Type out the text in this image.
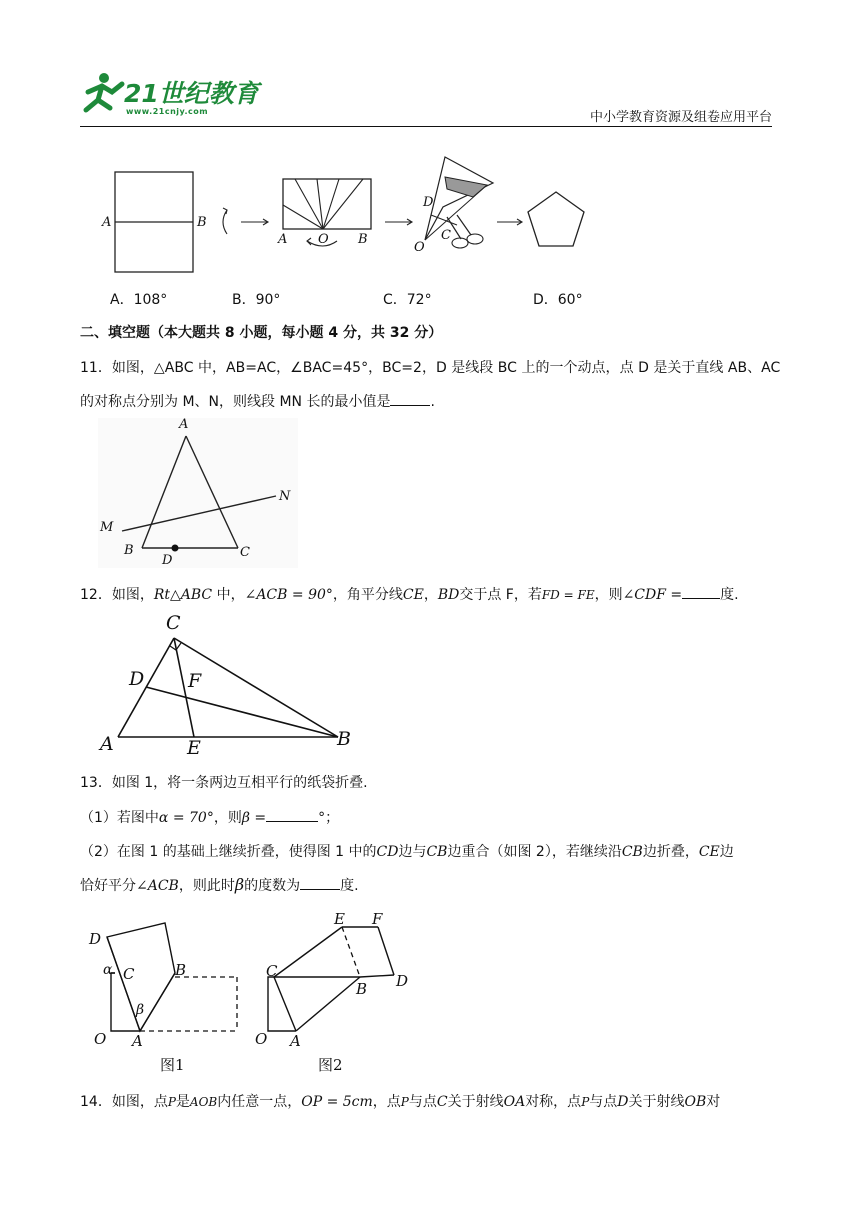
21世纪教育
www.21cnjy.com	中小学教育资源及组卷应用平台
A	B
A O B
D
C
O
A．108°	B．90°	C．72°	D．60°
二、填空题（本大题共 8 小题，每小题 4 分，共 32 分）
11．如图，△ABC 中，AB=AC，∠BAC=45°，BC=2，D 是线段 BC 上的一个动点，点 D 是关于直线 AB、AC
的对称点分别为 M、N，则线段 MN 长的最小值是	.
A
N
M
B
D
C
12．如图，Rt△ABC 中，∠ACB = 90°，角平分线CE，BD交于点 F，若FD = FE，则∠CDF =	度.
C
D F
A	E	B
13．如图 1，将一条两边互相平行的纸袋折叠.
（1）若图中α = 70°，则β =	°；
（2）在图 1 的基础上继续折叠，使得图 1 中的CD边与CB边重合（如图 2），若继续沿CB边折叠，CE边
恰好平分∠ACB，则此时β的度数为	度.
D
α C	B
β
O A
图1
E F
C
B D
O A
图2
14．如图，点P是AOB内任意一点，OP = 5cm，点P与点C关于射线OA对称，点P与点D关于射线OB对
